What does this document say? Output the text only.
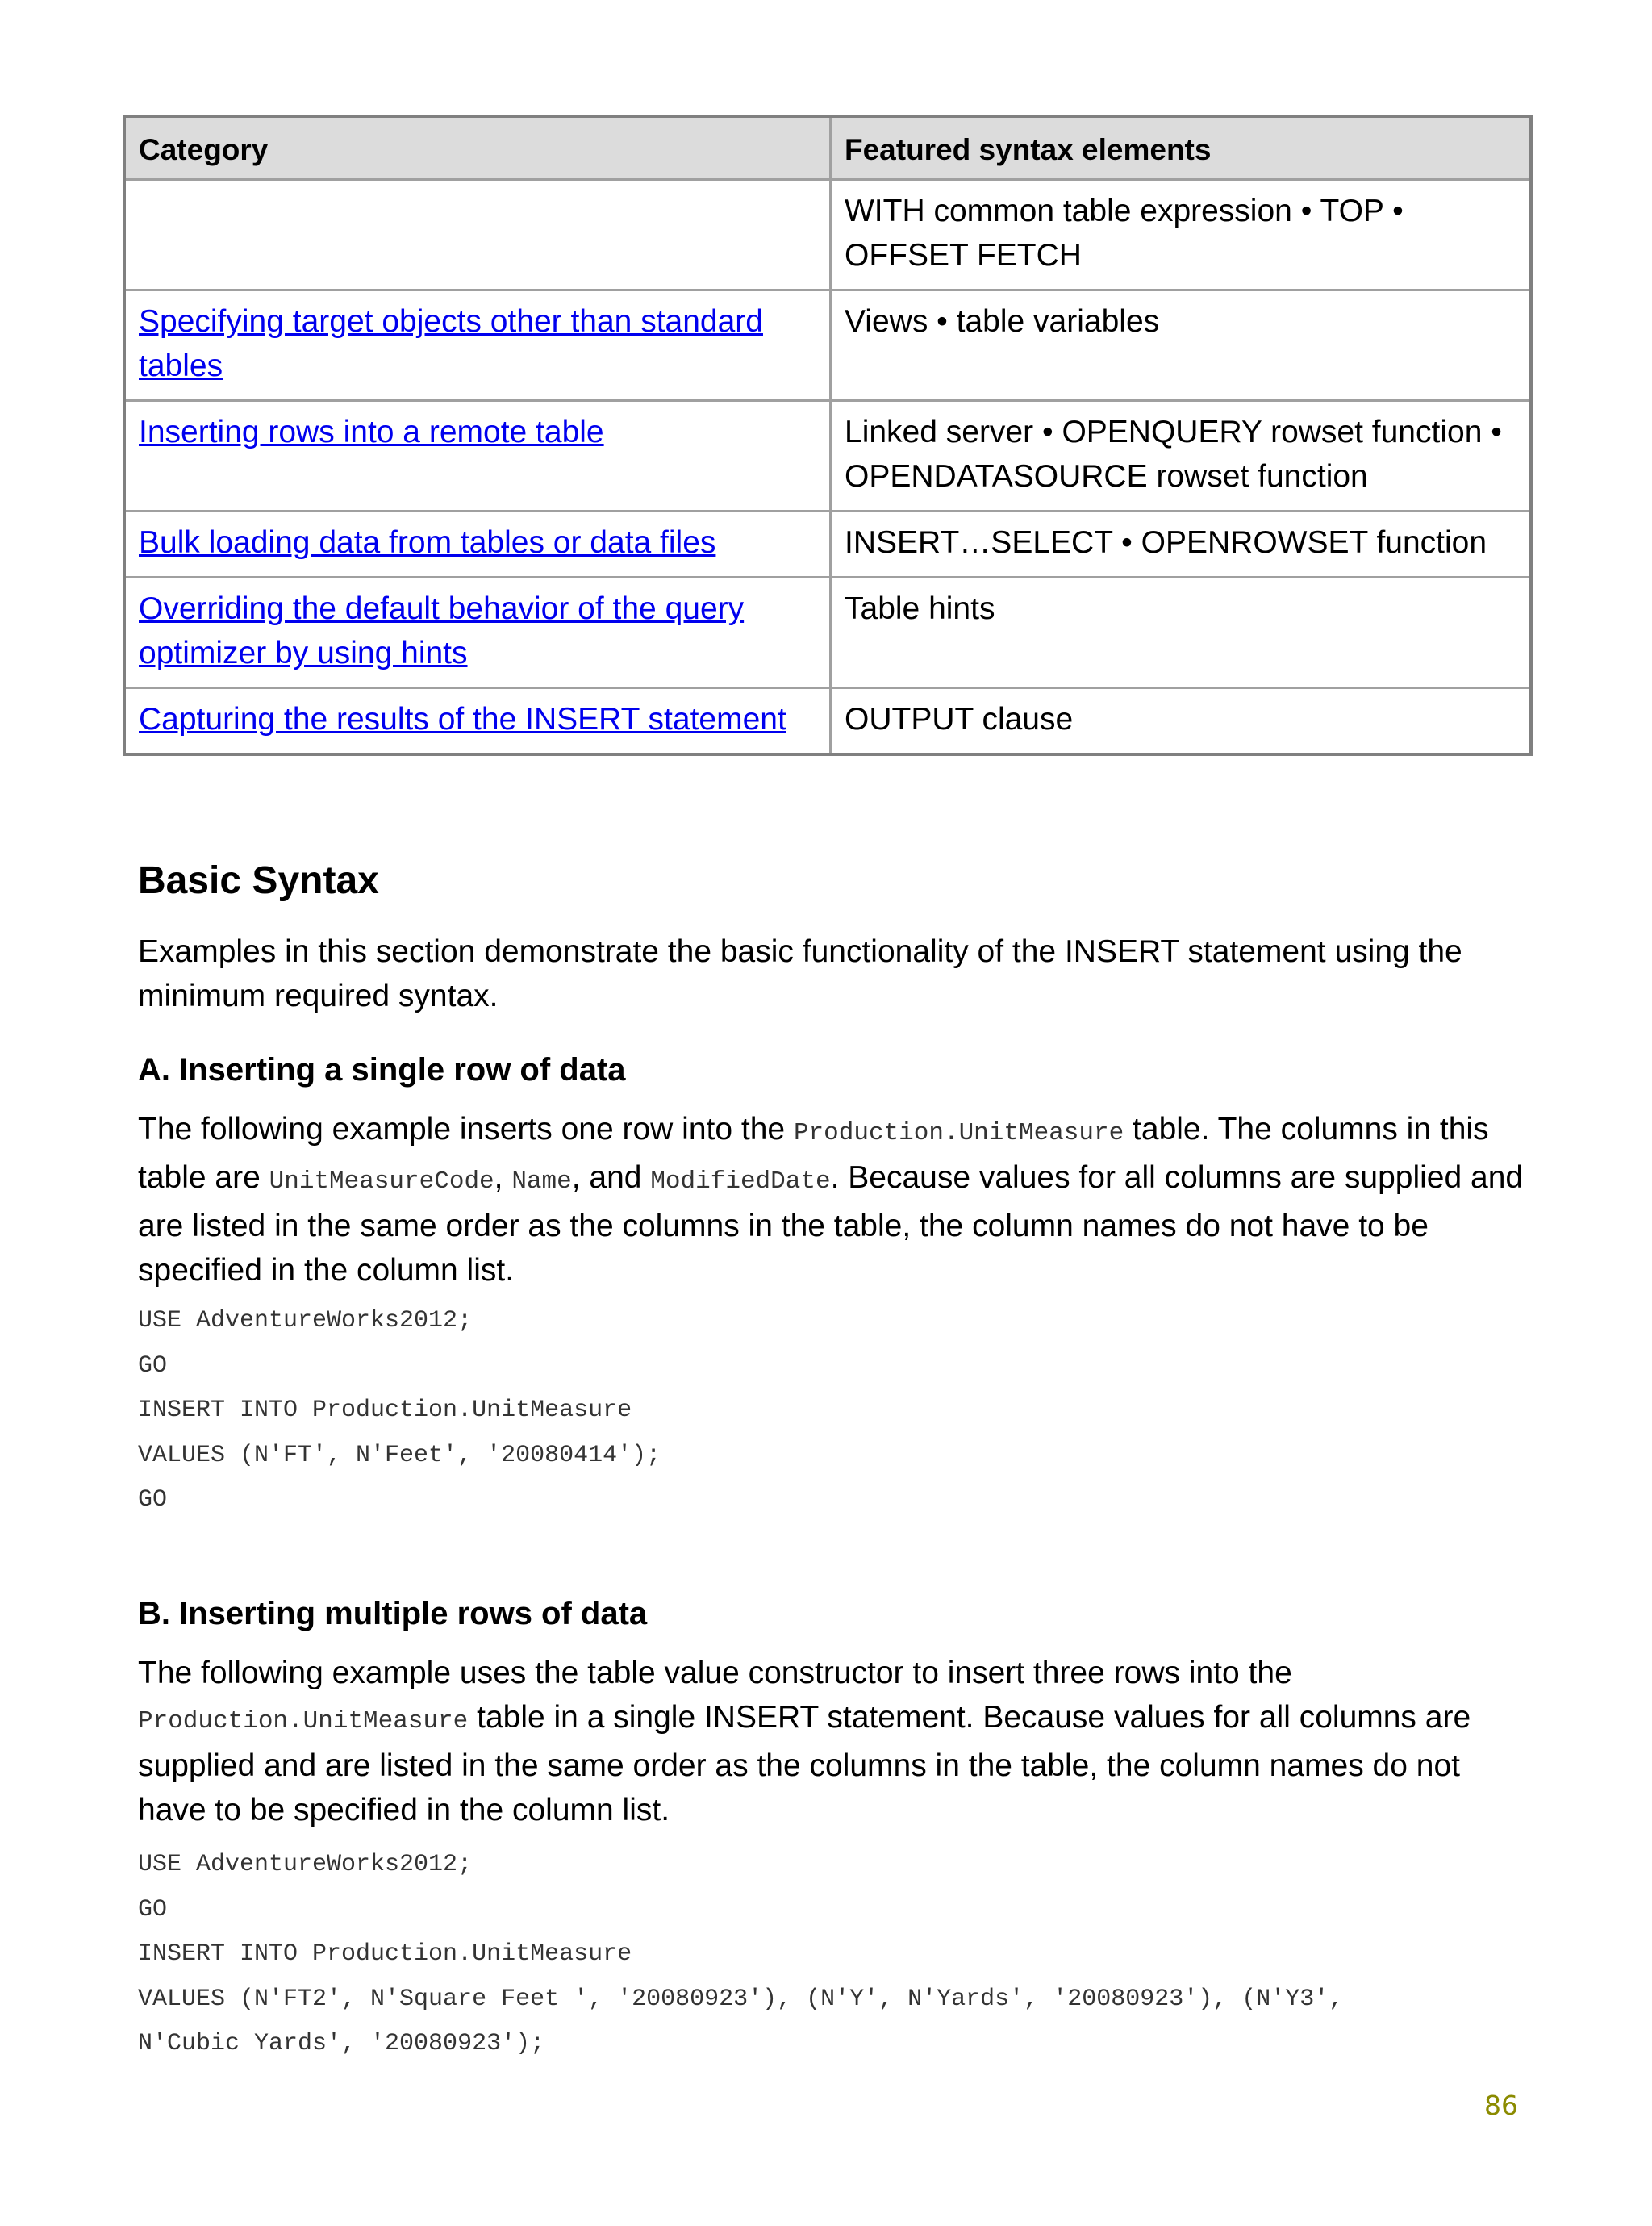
Category	Featured syntax elements
	WITH common table expression • TOP • OFFSET FETCH
Specifying target objects other than standard tables	Views • table variables
Inserting rows into a remote table	Linked server • OPENQUERY rowset function • OPENDATASOURCE rowset function
Bulk loading data from tables or data files	INSERT…SELECT • OPENROWSET function
Overriding the default behavior of the query optimizer by using hints	Table hints
Capturing the results of the INSERT statement	OUTPUT clause
Basic Syntax

Examples in this section demonstrate the basic functionality of the INSERT statement using the minimum required syntax.

A. Inserting a single row of data

The following example inserts one row into the Production.UnitMeasure table. The columns in this table are UnitMeasureCode, Name, and ModifiedDate. Because values for all columns are supplied and are listed in the same order as the columns in the table, the column names do not have to be specified in the column list.

USE AdventureWorks2012;
GO
INSERT INTO Production.UnitMeasure
VALUES (N'FT', N'Feet', '20080414');
GO
B. Inserting multiple rows of data

The following example uses the table value constructor to insert three rows into the Production.UnitMeasure table in a single INSERT statement. Because values for all columns are supplied and are listed in the same order as the columns in the table, the column names do not have to be specified in the column list.

USE AdventureWorks2012;
GO
INSERT INTO Production.UnitMeasure
VALUES (N'FT2', N'Square Feet ', '20080923'), (N'Y', N'Yards', '20080923'), (N'Y3',
N'Cubic Yards', '20080923');
86
